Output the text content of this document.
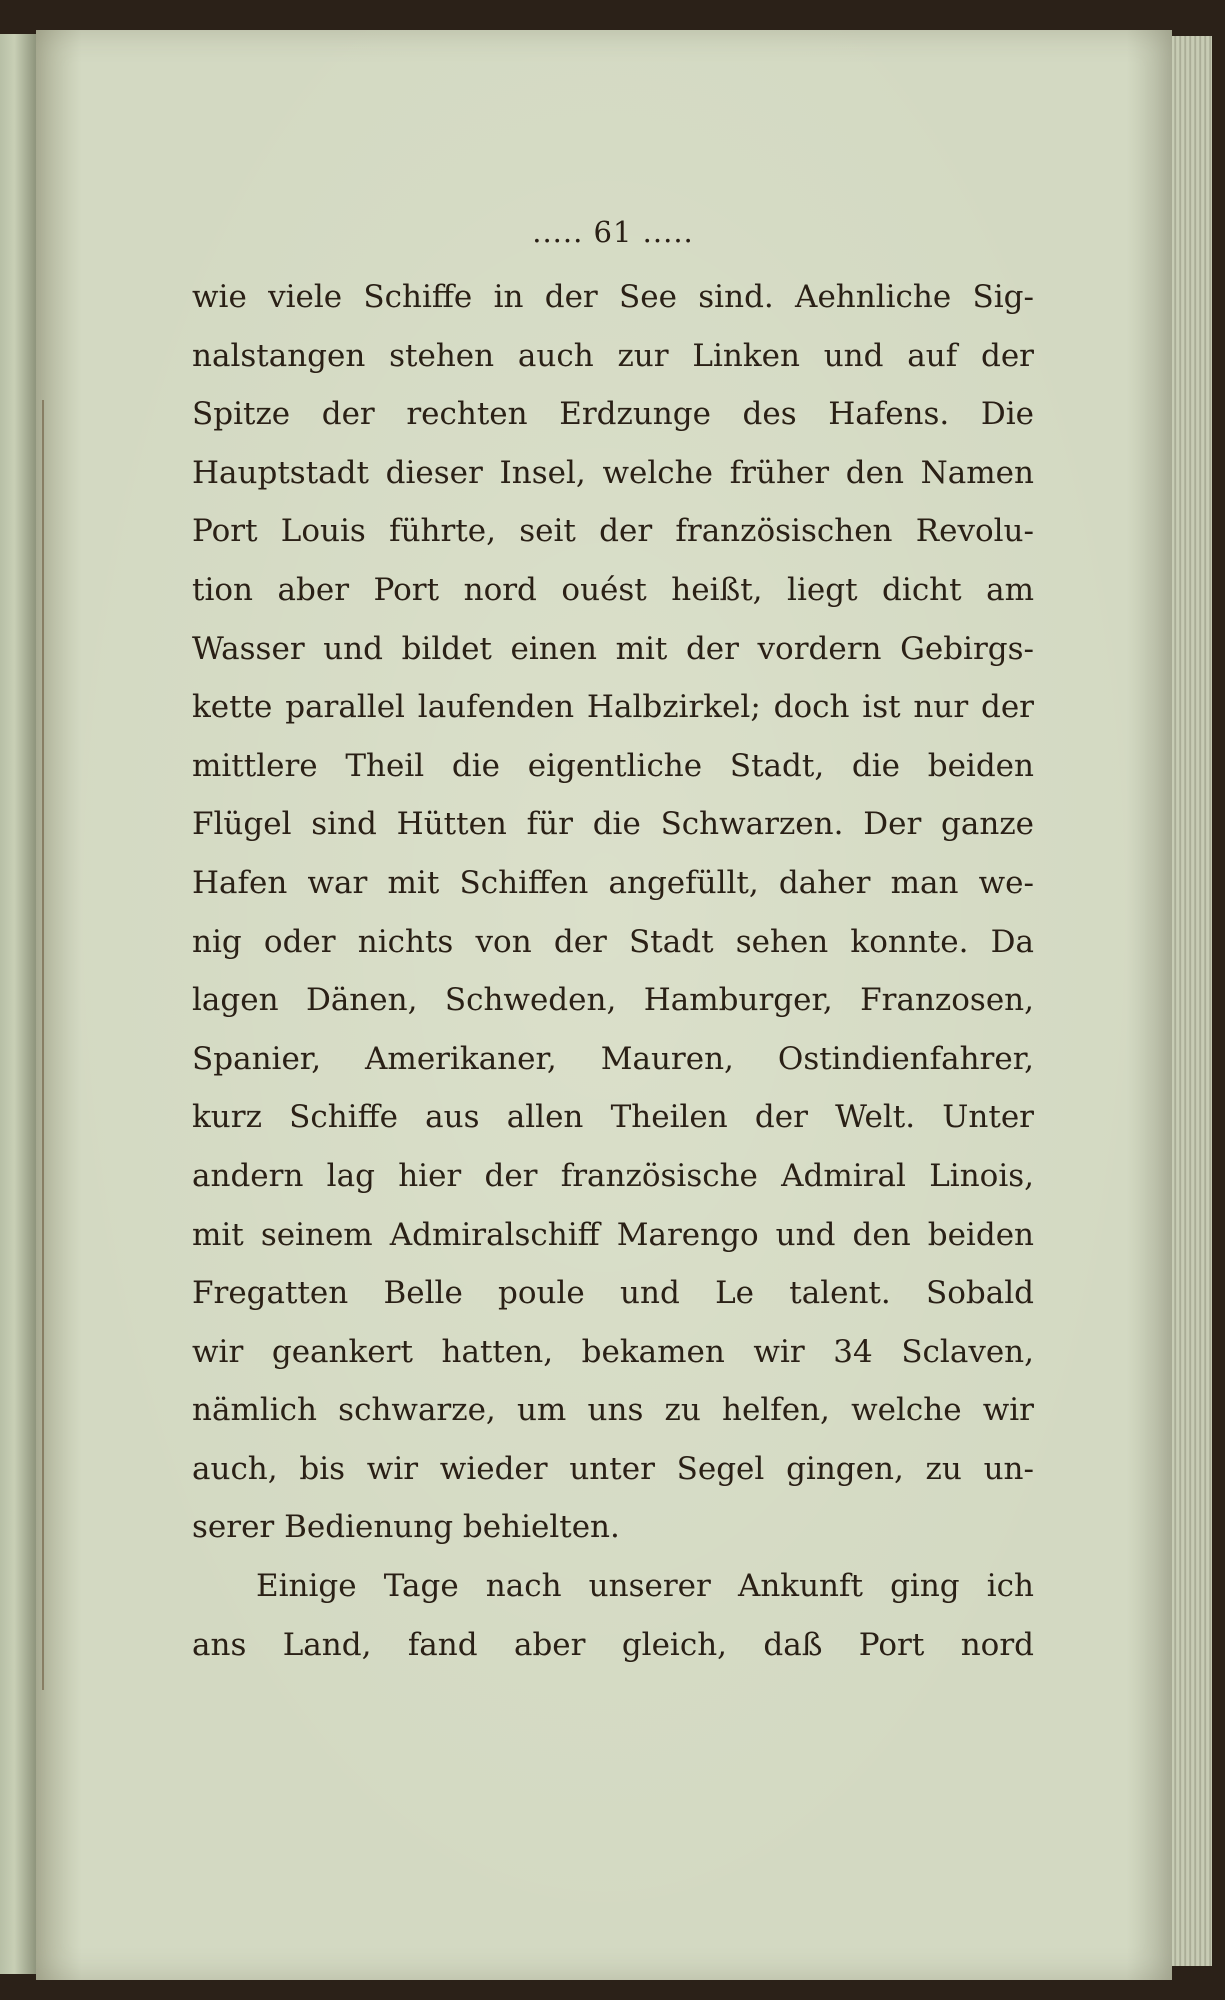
..... 61 .....
wie viele Schiffe in der See sind. Aehnliche Sig-
nalstangen stehen auch zur Linken und auf der
Spitze der rechten Erdzunge des Hafens. Die
Hauptstadt dieser Insel, welche früher den Namen
Port Louis führte, seit der französischen Revolu-
tion aber Port nord ouést heißt, liegt dicht am
Wasser und bildet einen mit der vordern Gebirgs-
kette parallel laufenden Halbzirkel; doch ist nur der
mittlere Theil die eigentliche Stadt, die beiden
Flügel sind Hütten für die Schwarzen. Der ganze
Hafen war mit Schiffen angefüllt, daher man we-
nig oder nichts von der Stadt sehen konnte. Da
lagen Dänen, Schweden, Hamburger, Franzosen,
Spanier, Amerikaner, Mauren, Ostindienfahrer,
kurz Schiffe aus allen Theilen der Welt. Unter
andern lag hier der französische Admiral Linois,
mit seinem Admiralschiff Marengo und den beiden
Fregatten Belle poule und Le talent. Sobald
wir geankert hatten, bekamen wir 34 Sclaven,
nämlich schwarze, um uns zu helfen, welche wir
auch, bis wir wieder unter Segel gingen, zu un-
serer Bedienung behielten.
Einige Tage nach unserer Ankunft ging ich
ans Land, fand aber gleich, daß Port nord
